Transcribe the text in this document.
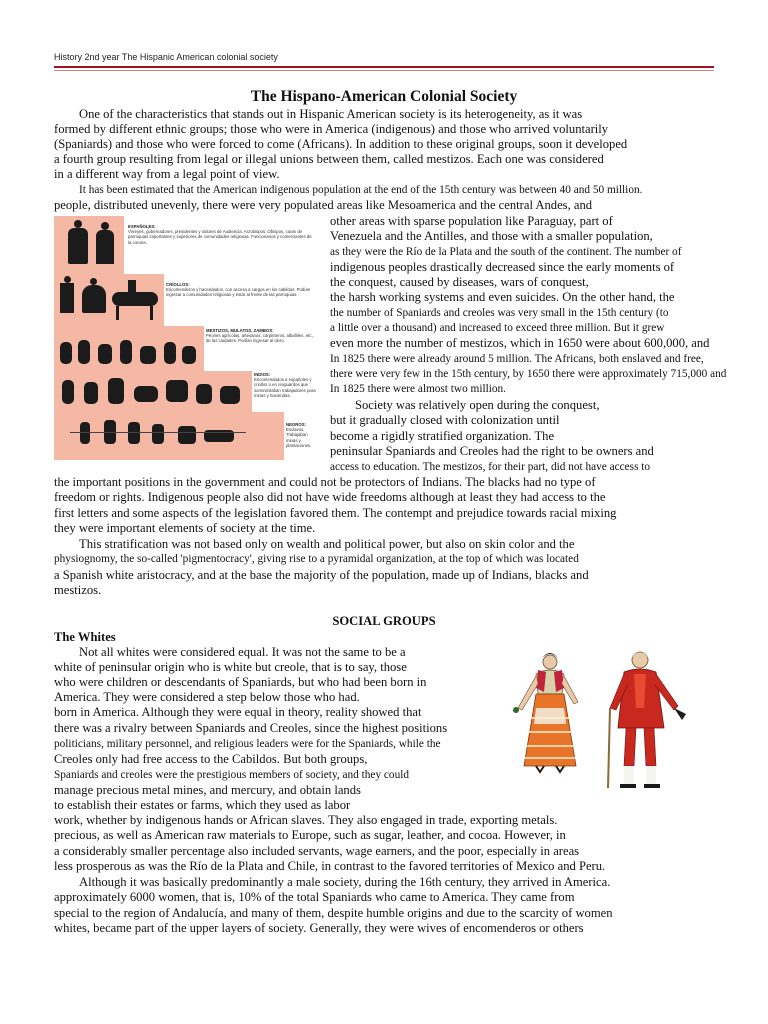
History 2nd year The Hispanic American colonial society
The Hispano-American Colonial Society
One of the characteristics that stands out in Hispanic American society is its heterogeneity, as it was
formed by different ethnic groups; those who were in America (indigenous) and those who arrived voluntarily
(Spaniards) and those who were forced to come (Africans). In addition to these original groups, soon it developed
a fourth group resulting from legal or illegal unions between them, called mestizos. Each one was considered
in a different way from a legal point of view.
It has been estimated that the American indigenous population at the end of the 15th century was between 40 and 50 million.
people, distributed unevenly, there were very populated areas like Mesoamerica and the central Andes, and
other areas with sparse population like Paraguay, part of
Venezuela and the Antilles, and those with a smaller population,
as they were the Río de la Plata and the south of the continent. The number of
indigenous peoples drastically decreased since the early moments of
the conquest, caused by diseases, wars of conquest,
the harsh working systems and even suicides. On the other hand, the
the number of Spaniards and creoles was very small in the 15th century (to
a little over a thousand) and increased to exceed three million. But it grew
even more the number of mestizos, which in 1650 were about 600,000, and
In 1825 there were already around 5 million. The Africans, both enslaved and free,
there were very few in the 15th century, by 1650 there were approximately 715,000 and
In 1825 there were almost two million.
Society was relatively open during the conquest,
but it gradually closed with colonization until
become a rigidly stratified organization. The
peninsular Spaniards and Creoles had the right to be owners and
access to education. The mestizos, for their part, did not have access to
the important positions in the government and could not be protectors of Indians. The blacks had no type of
freedom or rights. Indigenous people also did not have wide freedoms although at least they had access to the
first letters and some aspects of the legislation favored them. The contempt and prejudice towards racial mixing
they were important elements of society at the time.
This stratification was not based only on wealth and political power, but also on skin color and the
physiognomy, the so-called 'pigmentocracy', giving rise to a pyramidal organization, at the top of which was located
a Spanish white aristocracy, and at the base the majority of the population, made up of Indians, blacks and
mestizos.
SOCIAL GROUPS
The Whites
Not all whites were considered equal. It was not the same to be a
white of peninsular origin who is white but creole, that is to say, those
who were children or descendants of Spaniards, but who had been born in
America. They were considered a step below those who had.
born in America. Although they were equal in theory, reality showed that
there was a rivalry between Spaniards and Creoles, since the highest positions
politicians, military personnel, and religious leaders were for the Spaniards, while the
Creoles only had free access to the Cabildos. But both groups,
Spaniards and creoles were the prestigious members of society, and they could
manage precious metal mines, and mercury, and obtain lands
to establish their estates or farms, which they used as labor
work, whether by indigenous hands or African slaves. They also engaged in trade, exporting metals.
precious, as well as American raw materials to Europe, such as sugar, leather, and cocoa. However, in
a considerably smaller percentage also included servants, wage earners, and the poor, especially in areas
less prosperous as was the Río de la Plata and Chile, in contrast to the favored territories of Mexico and Peru.
Although it was basically predominantly a male society, during the 16th century, they arrived in America.
approximately 6000 women, that is, 10% of the total Spaniards who came to America. They came from
special to the region of Andalucía, and many of them, despite humble origins and due to the scarcity of women
whites, became part of the upper layers of society. Generally, they were wives of encomenderos or others
ESPAÑOLES:
Virreyes, gobernadores, presidentes y oidores de Audiencia. Arzobispos, Obispos, curas de parroquias importantes y superiores de comunidades religiosas. Funcionarios y comerciantes de la corona.
CRIOLLOS:
Encomenderos y hacendados, con acceso a cargos en los cabildos. Podían ingresar a comunidades religiosas y estar al frente de las parroquias.
MESTIZOS, MULATOS, ZAMBOS:
Peones agrícolas, artesanos, carpinteros, albañiles, etc., de las ciudades. Podían ingresar al clero.
INDIOS:
Encomendados a españoles y criollos o en resguardos que suministraban trabajadores para minas y haciendas.
NEGROS:
Esclavos. Trabajaban minas y plantaciones.
